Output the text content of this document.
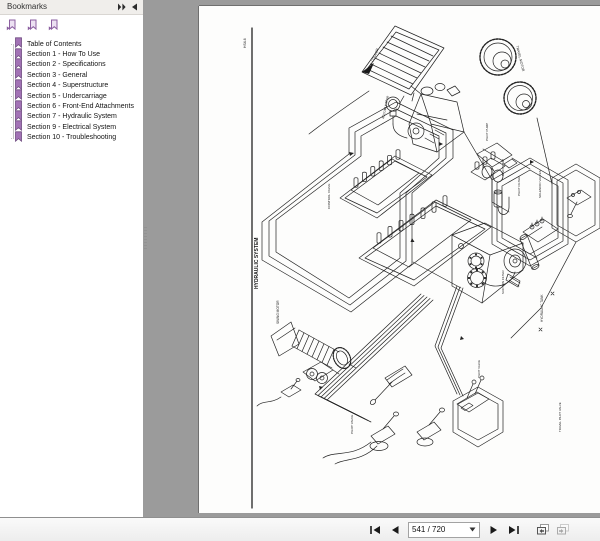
Bookmarks
Table of Contents
Section 1 - How To Use
Section 2 - Specifications
Section 3 - General
Section 4 - Superstructure
Section 5 - Undercarriage
Section 6 - Front-End Attachments
Section 7 - Hydraulic System
Section 9 - Electrical System
Section 10 - Troubleshooting
HS4-6
HYDRAULIC SYSTEM
OIL COOLER
ACCUMULATOR
TRAVEL MOTOR
PILOT PUMP
MAIN PUMP
PILOT FILTER	SOLENOID VALVES
CONTROL VALVE
SWING MOTOR	HYDRAULIC TANK
SUCTION FILTER
PILOT VALVE
PILOT VALVE
TRAVEL PILOT VALVE
541 / 720
